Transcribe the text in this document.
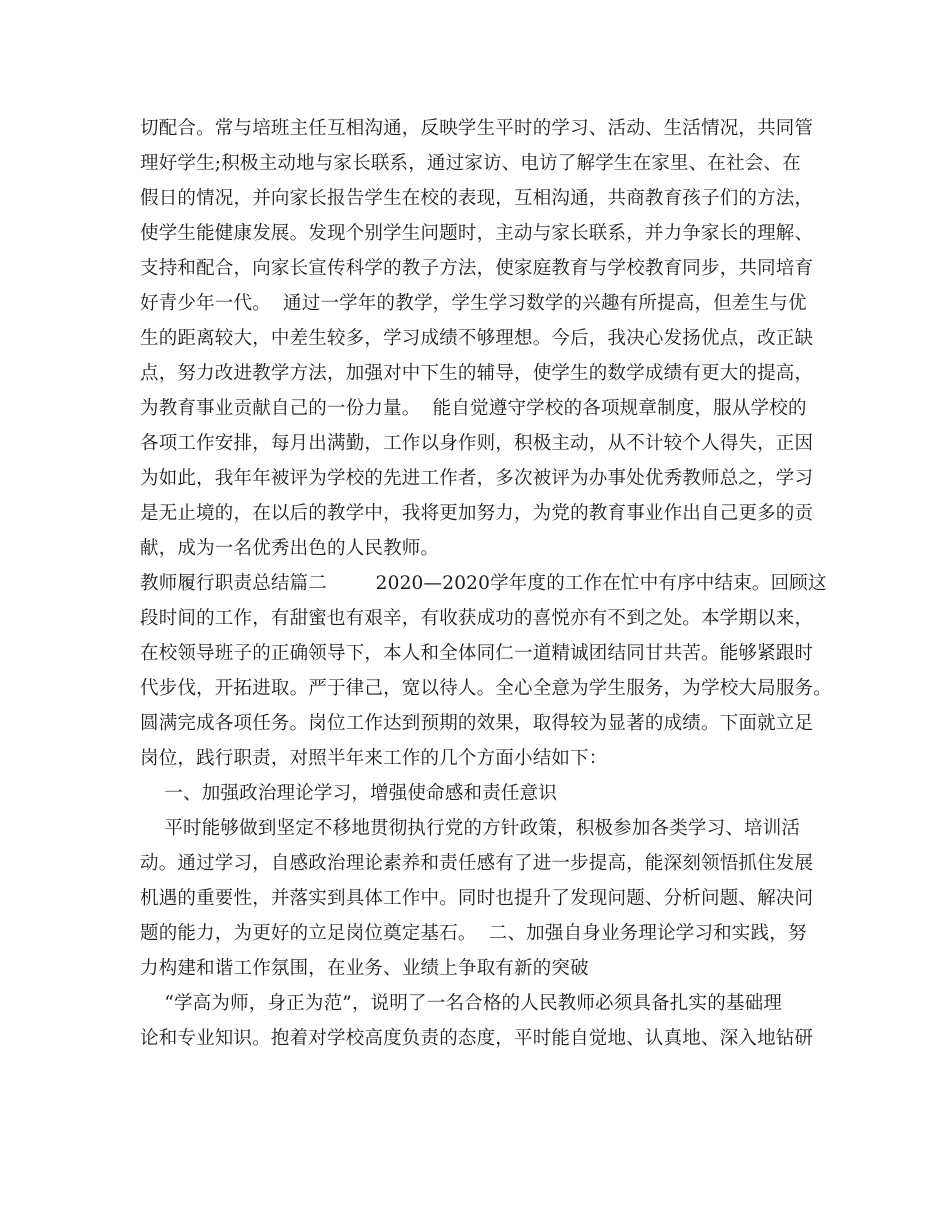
切配合。常与培班主任互相沟通，反映学生平时的学习、活动、生活情况，共同管
理好学生;积极主动地与家长联系，通过家访、电访了解学生在家里、在社会、在
假日的情况，并向家长报告学生在校的表现，互相沟通，共商教育孩子们的方法，
使学生能健康发展。发现个别学生问题时，主动与家长联系，并力争家长的理解、
支持和配合，向家长宣传科学的教子方法，使家庭教育与学校教育同步，共同培育
好青少年一代。  通过一学年的教学，学生学习数学的兴趣有所提高，但差生与优
生的距离较大，中差生较多，学习成绩不够理想。今后，我决心发扬优点，改正缺
点，努力改进教学方法，加强对中下生的辅导，使学生的数学成绩有更大的提高，
为教育事业贡献自己的一份力量。  能自觉遵守学校的各项规章制度，服从学校的
各项工作安排，每月出满勤，工作以身作则，积极主动，从不计较个人得失，正因
为如此，我年年被评为学校的先进工作者，多次被评为办事处优秀教师总之，学习
是无止境的，在以后的教学中，我将更加努力，为党的教育事业作出自己更多的贡
献，成为一名优秀出色的人民教师。
教师履行职责总结篇二        2020—2020学年度的工作在忙中有序中结束。回顾这
段时间的工作，有甜蜜也有艰辛，有收获成功的喜悦亦有不到之处。本学期以来，
在校领导班子的正确领导下，本人和全体同仁一道精诚团结同甘共苦。能够紧跟时
代步伐，开拓进取。严于律己，宽以待人。全心全意为学生服务，为学校大局服务。
圆满完成各项任务。岗位工作达到预期的效果，取得较为显著的成绩。下面就立足
岗位，践行职责，对照半年来工作的几个方面小结如下：
一、加强政治理论学习，增强使命感和责任意识
平时能够做到坚定不移地贯彻执行党的方针政策，积极参加各类学习、培训活
动。通过学习，自感政治理论素养和责任感有了进一步提高，能深刻领悟抓住发展
机遇的重要性，并落实到具体工作中。同时也提升了发现问题、分析问题、解决问
题的能力，为更好的立足岗位奠定基石。  二、加强自身业务理论学习和实践，努
力构建和谐工作氛围，在业务、业绩上争取有新的突破
“学高为师，身正为范”，说明了一名合格的人民教师必须具备扎实的基础理
论和专业知识。抱着对学校高度负责的态度，平时能自觉地、认真地、深入地钻研
